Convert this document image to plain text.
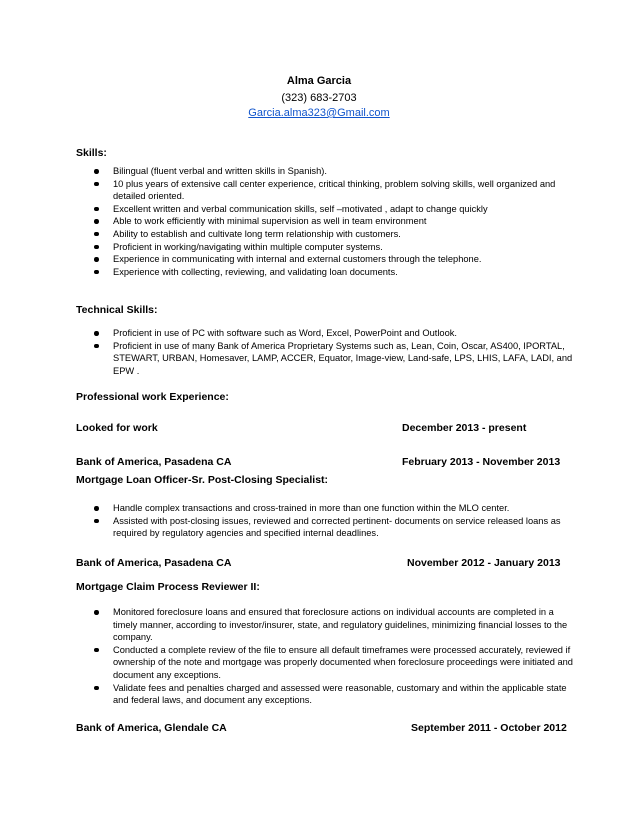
Alma Garcia
(323) 683-2703
Garcia.alma323@Gmail.com
Skills:
Bilingual (fluent verbal and written skills in Spanish).
10 plus years of extensive call center experience, critical thinking, problem solving skills, well organized and detailed oriented.
Excellent written and verbal communication skills, self –motivated , adapt to change quickly
Able to work efficiently with minimal supervision as well in team environment
Ability to establish and cultivate long term relationship with customers.
Proficient in working/navigating within multiple computer systems.
Experience in communicating with internal and external customers through the telephone.
Experience with collecting, reviewing, and validating loan documents.
Technical Skills:
Proficient in use of PC with software such as Word, Excel, PowerPoint and Outlook.
Proficient in use of many Bank of America Proprietary Systems such as, Lean, Coin, Oscar, AS400, IPORTAL, STEWART, URBAN, Homesaver, LAMP, ACCER, Equator, Image-view, Land-safe, LPS, LHIS, LAFA, LADI, and EPW .
Professional work Experience:
Looked for work	December 2013 - present
Bank of America, Pasadena CA	February 2013 - November 2013
Mortgage Loan Officer-Sr. Post-Closing Specialist:
Handle complex transactions and cross-trained in more than one function within the MLO center.
Assisted with post-closing issues, reviewed and corrected pertinent- documents on service released loans as required by regulatory agencies and specified internal deadlines.
Bank of America, Pasadena CA	November 2012 - January 2013
Mortgage Claim Process Reviewer II:
Monitored foreclosure loans and ensured that foreclosure actions on individual accounts are completed in a timely manner, according to investor/insurer, state, and regulatory guidelines, minimizing financial losses to the company.
Conducted a complete review of the file to ensure all default timeframes were processed accurately, reviewed if ownership of the note and mortgage was properly documented when foreclosure proceedings were initiated and document any exceptions.
Validate fees and penalties charged and assessed were reasonable, customary and within the applicable state and federal laws, and document any exceptions.
Bank of America, Glendale CA	September 2011 - October 2012
